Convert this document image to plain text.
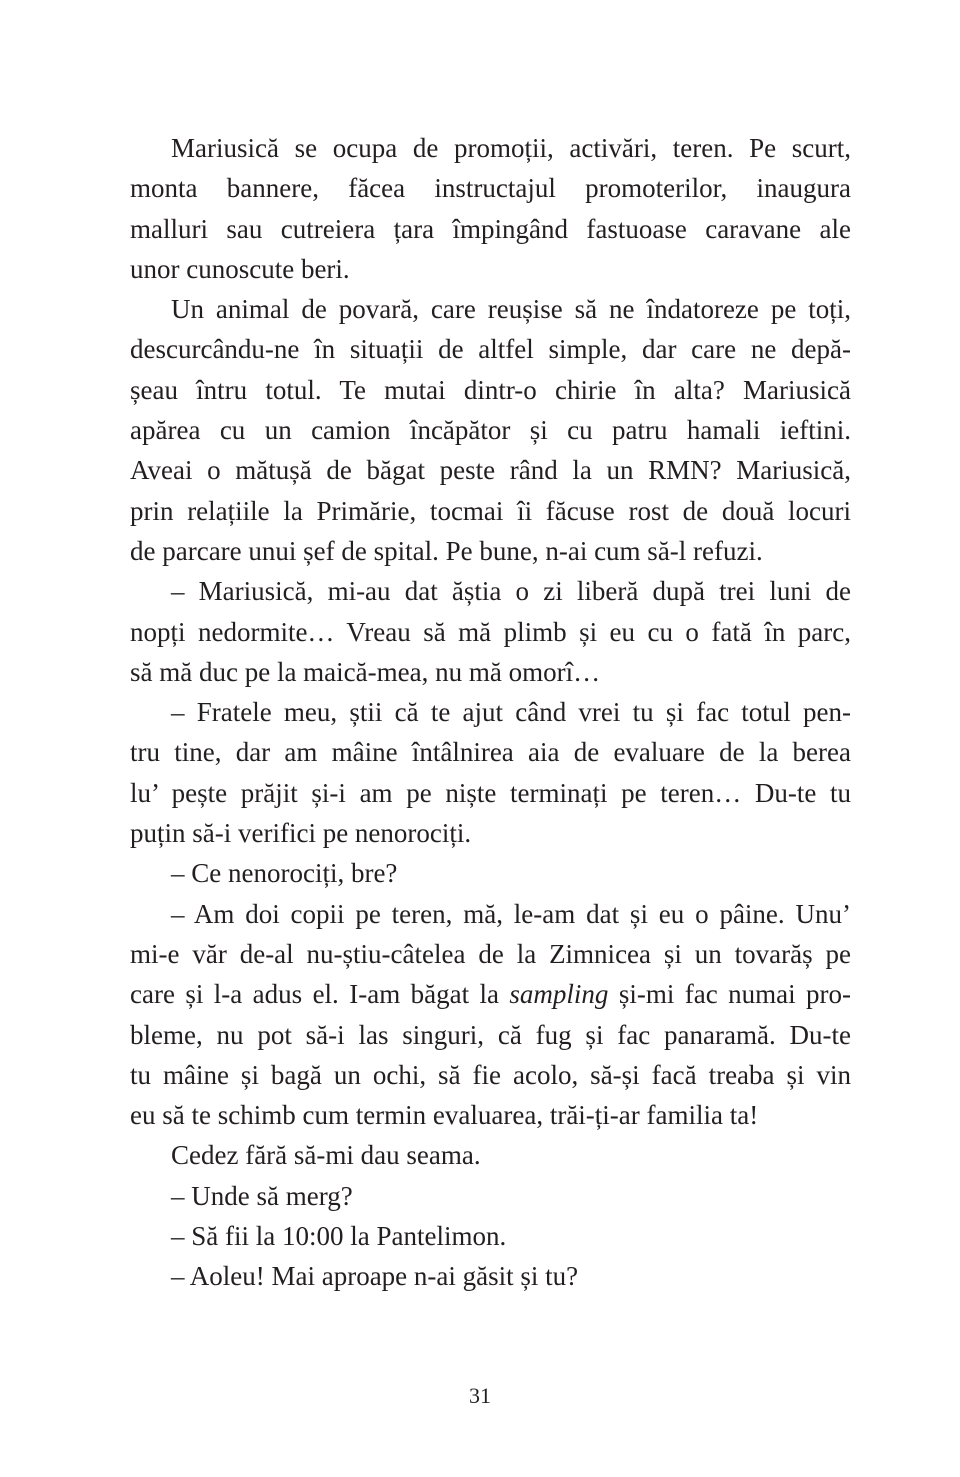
Mariusică se ocupa de promoții, activări, teren. Pe scurt,
monta bannere, făcea instructajul promoterilor, inaugura
malluri sau cutreiera țara împingând fastuoase caravane ale
unor cunoscute beri.
Un animal de povară, care reușise să ne îndatoreze pe toți,
descurcându-ne în situații de altfel simple, dar care ne depă-
șeau întru totul. Te mutai dintr-o chirie în alta? Mariusică
apărea cu un camion încăpător și cu patru hamali ieftini.
Aveai o mătușă de băgat peste rând la un RMN? Mariusică,
prin relațiile la Primărie, tocmai îi făcuse rost de două locuri
de parcare unui șef de spital. Pe bune, n-ai cum să-l refuzi.
– Mariusică, mi-au dat ăștia o zi liberă după trei luni de
nopți nedormite… Vreau să mă plimb și eu cu o fată în parc,
să mă duc pe la maică-mea, nu mă omorî…
– Fratele meu, știi că te ajut când vrei tu și fac totul pen-
tru tine, dar am mâine întâlnirea aia de evaluare de la berea
lu’ pește prăjit și-i am pe niște terminați pe teren… Du-te tu
puțin să-i verifici pe nenorociți.
– Ce nenorociți, bre?
– Am doi copii pe teren, mă, le-am dat și eu o pâine. Unu’
mi-e văr de-al nu-știu-câtelea de la Zimnicea și un tovarăș pe
care și l-a adus el. I-am băgat la sampling și-mi fac numai pro-
bleme, nu pot să-i las singuri, că fug și fac panaramă. Du-te
tu mâine și bagă un ochi, să fie acolo, să-și facă treaba și vin
eu să te schimb cum termin evaluarea, trăi-ți-ar familia ta!
Cedez fără să-mi dau seama.
– Unde să merg?
– Să fii la 10:00 la Pantelimon.
– Aoleu! Mai aproape n-ai găsit și tu?
31
